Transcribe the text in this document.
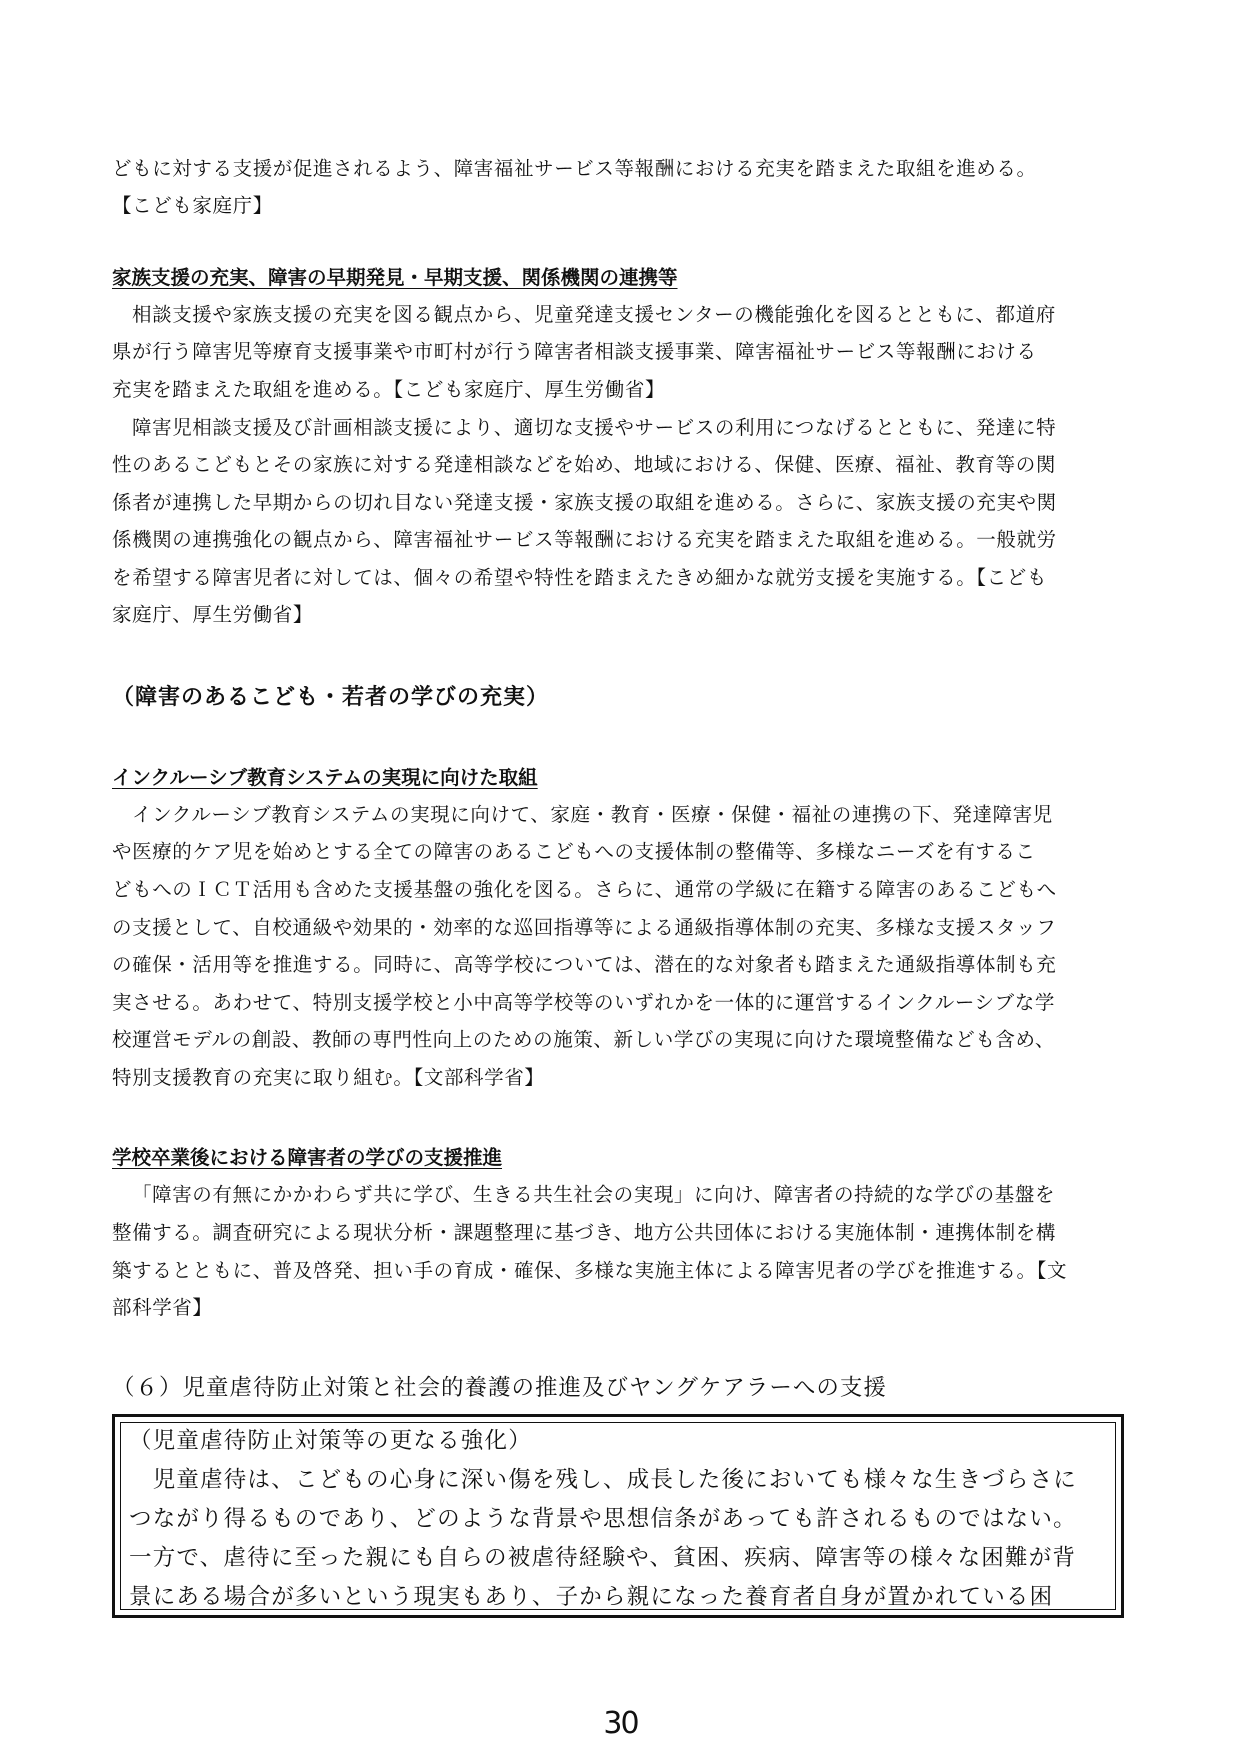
どもに対する支援が促進されるよう、障害福祉サービス等報酬における充実を踏まえた取組を進める。
【こども家庭庁】
家族支援の充実、障害の早期発見・早期支援、関係機関の連携等
相談支援や家族支援の充実を図る観点から、児童発達支援センターの機能強化を図るとともに、都道府
県が行う障害児等療育支援事業や市町村が行う障害者相談支援事業、障害福祉サービス等報酬における
充実を踏まえた取組を進める。【こども家庭庁、厚生労働省】
障害児相談支援及び計画相談支援により、適切な支援やサービスの利用につなげるとともに、発達に特
性のあるこどもとその家族に対する発達相談などを始め、地域における、保健、医療、福祉、教育等の関
係者が連携した早期からの切れ目ない発達支援・家族支援の取組を進める。さらに、家族支援の充実や関
係機関の連携強化の観点から、障害福祉サービス等報酬における充実を踏まえた取組を進める。一般就労
を希望する障害児者に対しては、個々の希望や特性を踏まえたきめ細かな就労支援を実施する。【こども
家庭庁、厚生労働省】
（障害のあるこども・若者の学びの充実）
インクルーシブ教育システムの実現に向けた取組
インクルーシブ教育システムの実現に向けて、家庭・教育・医療・保健・福祉の連携の下、発達障害児
や医療的ケア児を始めとする全ての障害のあるこどもへの支援体制の整備等、多様なニーズを有するこ
どもへのＩＣＴ活用も含めた支援基盤の強化を図る。さらに、通常の学級に在籍する障害のあるこどもへ
の支援として、自校通級や効果的・効率的な巡回指導等による通級指導体制の充実、多様な支援スタッフ
の確保・活用等を推進する。同時に、高等学校については、潜在的な対象者も踏まえた通級指導体制も充
実させる。あわせて、特別支援学校と小中高等学校等のいずれかを一体的に運営するインクルーシブな学
校運営モデルの創設、教師の専門性向上のための施策、新しい学びの実現に向けた環境整備なども含め、
特別支援教育の充実に取り組む。【文部科学省】
学校卒業後における障害者の学びの支援推進
「障害の有無にかかわらず共に学び、生きる共生社会の実現」に向け、障害者の持続的な学びの基盤を
整備する。調査研究による現状分析・課題整理に基づき、地方公共団体における実施体制・連携体制を構
築するとともに、普及啓発、担い手の育成・確保、多様な実施主体による障害児者の学びを推進する。【文
部科学省】
（６）児童虐待防止対策と社会的養護の推進及びヤングケアラーへの支援
（児童虐待防止対策等の更なる強化）
　児童虐待は、こどもの心身に深い傷を残し、成長した後においても様々な生きづらさに
つながり得るものであり、どのような背景や思想信条があっても許されるものではない。
一方で、虐待に至った親にも自らの被虐待経験や、貧困、疾病、障害等の様々な困難が背
景にある場合が多いという現実もあり、子から親になった養育者自身が置かれている困
30
